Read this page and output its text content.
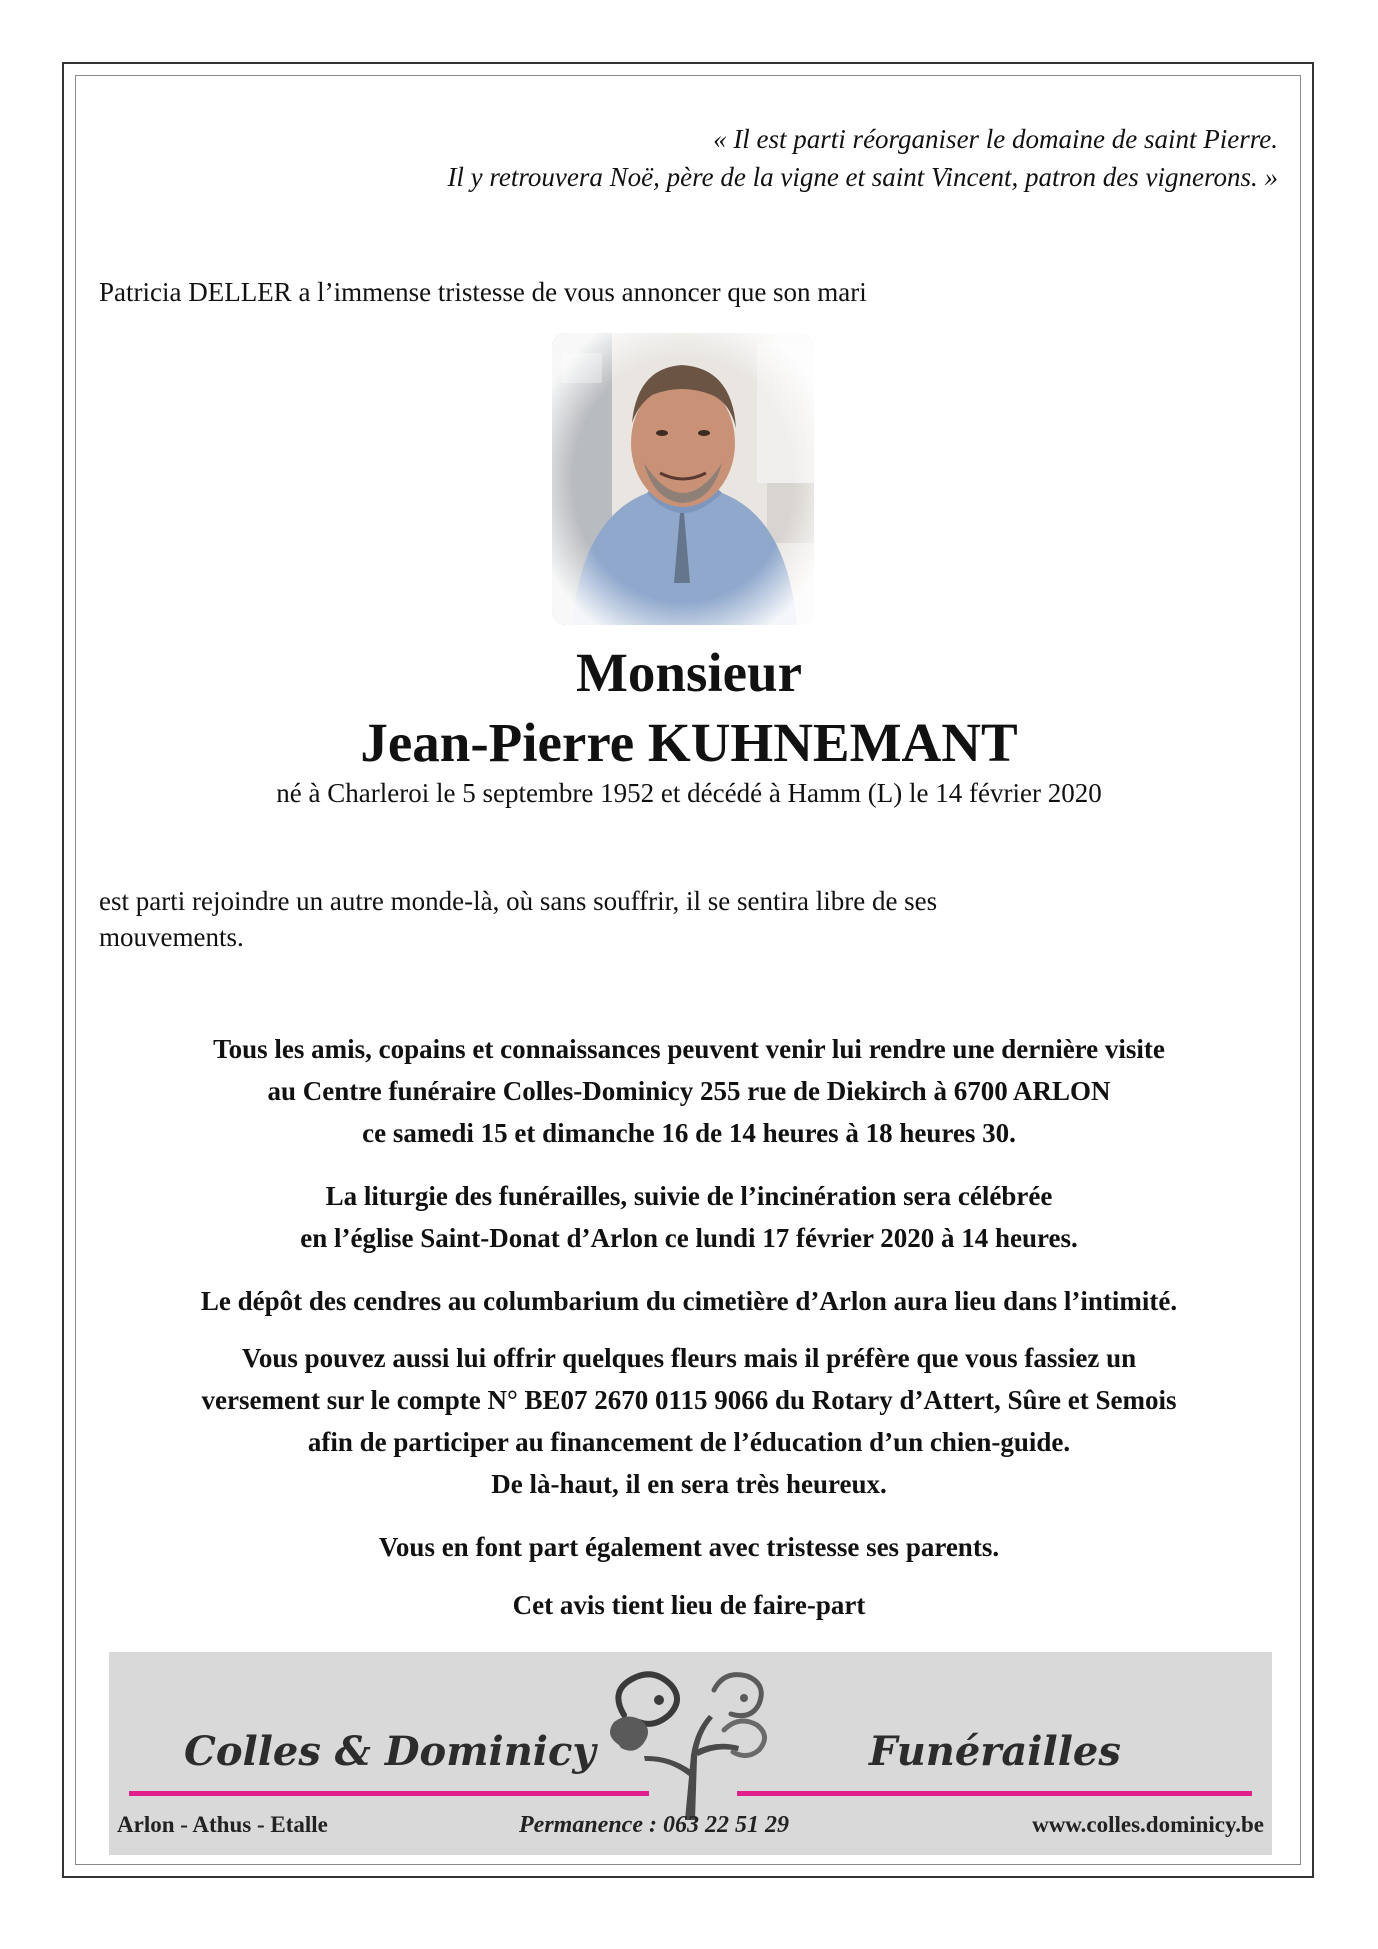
« Il est parti réorganiser le domaine de saint Pierre.
Il y retrouvera Noë, père de la vigne et saint Vincent, patron des vignerons. »
Patricia DELLER a l’immense tristesse de vous annoncer que son mari
Monsieur
Jean-Pierre KUHNEMANT
né à Charleroi le 5 septembre 1952 et décédé à Hamm (L) le 14 février 2020
est parti rejoindre un autre monde-là, où sans souffrir, il se sentira libre de ses
mouvements.
Tous les amis, copains et connaissances peuvent venir lui rendre une dernière visite
au Centre funéraire Colles-Dominicy 255 rue de Diekirch à 6700 ARLON
ce samedi 15 et dimanche 16 de 14 heures à 18 heures 30.
La liturgie des funérailles, suivie de l’incinération sera célébrée
en l’église Saint-Donat d’Arlon ce lundi 17 février 2020 à 14 heures.
Le dépôt des cendres au columbarium du cimetière d’Arlon aura lieu dans l’intimité.
Vous pouvez aussi lui offrir quelques fleurs mais il préfère que vous fassiez un
versement sur le compte N° BE07 2670 0115 9066 du Rotary d’Attert, Sûre et Semois
afin de participer au financement de l’éducation d’un chien-guide.
De là-haut, il en sera très heureux.
Vous en font part également avec tristesse ses parents.
Cet avis tient lieu de faire-part
Colles & Dominicy	Funérailles
Arlon - Athus - Etalle	Permanence : 063 22 51 29	www.colles.dominicy.be
